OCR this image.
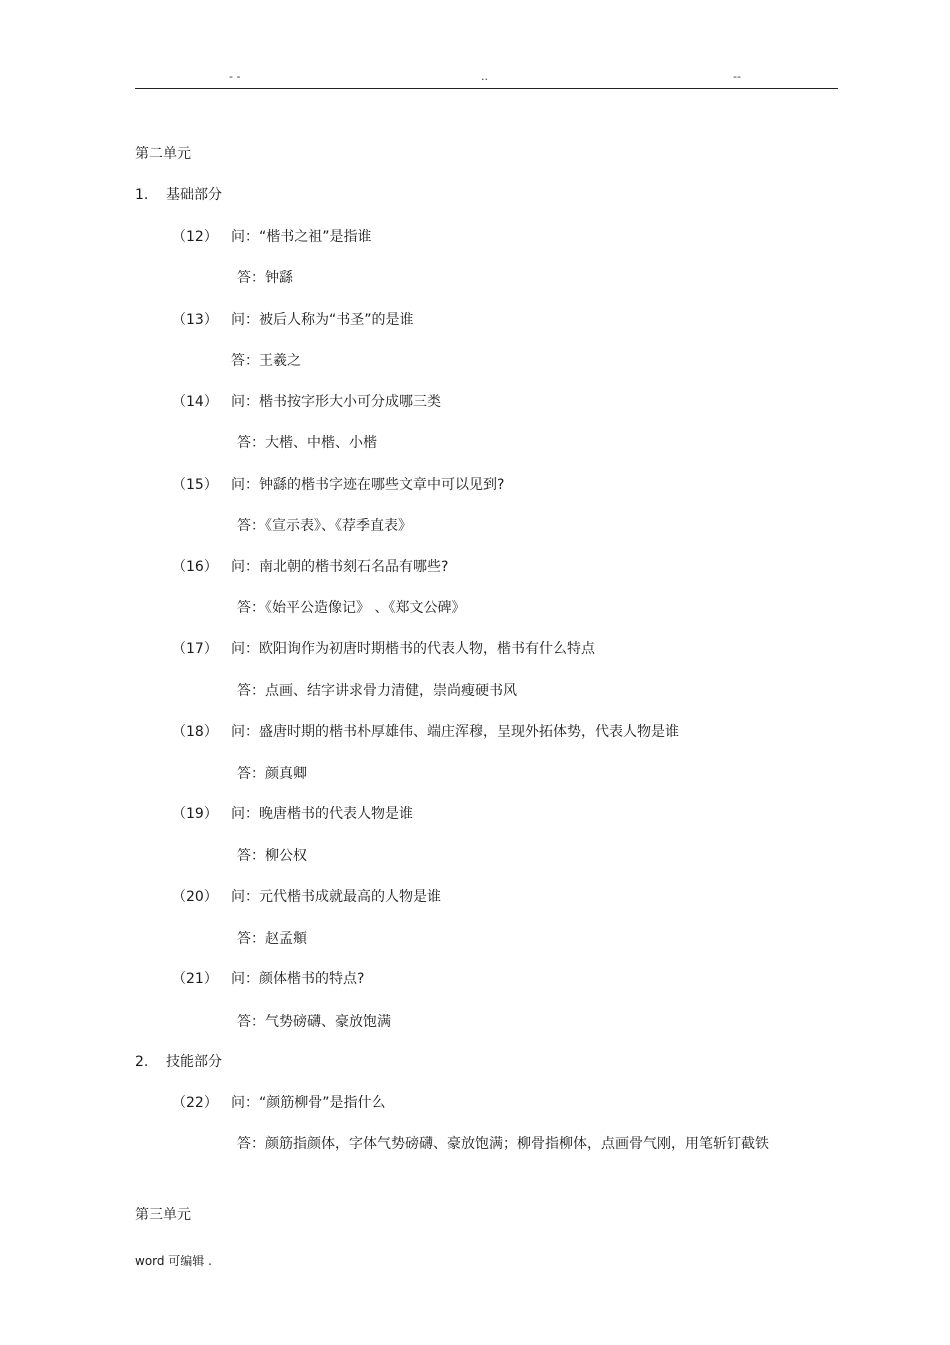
- -	..	--
第二单元
1. 基础部分
（12） 问：“楷书之祖”是指谁
答：钟繇
（13） 问：被后人称为“书圣”的是谁
答：王羲之
（14） 问：楷书按字形大小可分成哪三类
答：大楷、中楷、小楷
（15） 问：钟繇的楷书字迹在哪些文章中可以见到?
答：《宣示表》、《荐季直表》
（16） 问：南北朝的楷书刻石名品有哪些?
答：《始平公造像记》 、《郑文公碑》
（17） 问：欧阳询作为初唐时期楷书的代表人物，楷书有什么特点
答：点画、结字讲求骨力清健，崇尚瘦硬书风
（18） 问：盛唐时期的楷书朴厚雄伟、端庄浑穆，呈现外拓体势，代表人物是谁
答：颜真卿
（19） 问：晚唐楷书的代表人物是谁
答：柳公权
（20） 问：元代楷书成就最高的人物是谁
答：赵孟頫
（21） 问：颜体楷书的特点?
答：气势磅礴、豪放饱满
2. 技能部分
（22） 问：“颜筋柳骨”是指什么
答：颜筋指颜体，字体气势磅礴、豪放饱满；柳骨指柳体，点画骨气刚，用笔斩钉截铁
第三单元
word 可编辑 .
